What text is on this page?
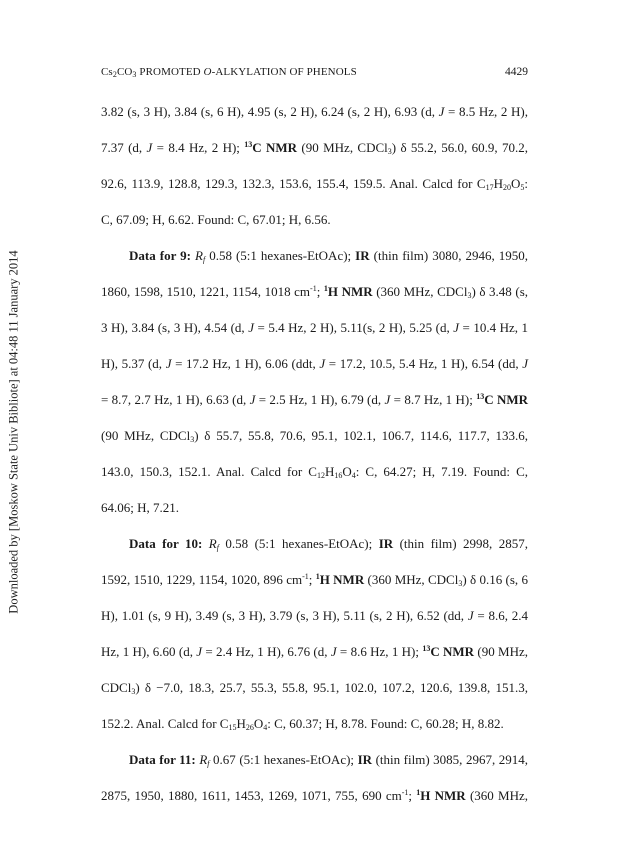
Downloaded by [Moskow State Univ Bibliote] at 04:48 11 January 2014
$Cs_2CO_3$ PROMOTED O-ALKYLATION OF PHENOLS	4429

3.82 (s, 3 H), 3.84 (s, 6 H), 4.95 (s, 2 H), 6.24 (s, 2 H), 6.93 (d, J = 8.5 Hz, 2 H),

7.37 (d, J = 8.4 Hz, 2 H); $^{13}$C NMR (90 MHz, CDCl$_3$) δ 55.2, 56.0, 60.9, 70.2,

92.6, 113.9, 128.8, 129.3, 132.3, 153.6, 155.4, 159.5. Anal. Calcd for $C_{17}H_{20}O_5$:

C, 67.09; H, 6.62. Found: C, 67.01; H, 6.56.

Data for 9: $R_f$ 0.58 (5:1 hexanes-EtOAc); IR (thin film) 3080, 2946, 1950,

1860, 1598, 1510, 1221, 1154, 1018 $cm^{-1}$; $^1$H NMR (360 MHz, CDCl$_3$) δ 3.48 (s,

3 H), 3.84 (s, 3 H), 4.54 (d, J = 5.4 Hz, 2 H), 5.11(s, 2 H), 5.25 (d, J = 10.4 Hz, 1

H), 5.37 (d, J = 17.2 Hz, 1 H), 6.06 (ddt, J = 17.2, 10.5, 5.4 Hz, 1 H), 6.54 (dd, J

= 8.7, 2.7 Hz, 1 H), 6.63 (d, J = 2.5 Hz, 1 H), 6.79 (d, J = 8.7 Hz, 1 H); $^{13}$C NMR

(90 MHz, CDCl$_3$) δ 55.7, 55.8, 70.6, 95.1, 102.1, 106.7, 114.6, 117.7, 133.6,

143.0, 150.3, 152.1. Anal. Calcd for $C_{12}H_{16}O_4$: C, 64.27; H, 7.19. Found: C,

64.06; H, 7.21.

Data for 10: $R_f$ 0.58 (5:1 hexanes-EtOAc); IR (thin film) 2998, 2857,

1592, 1510, 1229, 1154, 1020, 896 $cm^{-1}$; $^1$H NMR (360 MHz, CDCl$_3$) δ 0.16 (s, 6

H), 1.01 (s, 9 H), 3.49 (s, 3 H), 3.79 (s, 3 H), 5.11 (s, 2 H), 6.52 (dd, J = 8.6, 2.4

Hz, 1 H), 6.60 (d, J = 2.4 Hz, 1 H), 6.76 (d, J = 8.6 Hz, 1 H); $^{13}$C NMR (90 MHz,

CDCl$_3$) δ −7.0, 18.3, 25.7, 55.3, 55.8, 95.1, 102.0, 107.2, 120.6, 139.8, 151.3,

152.2. Anal. Calcd for $C_{15}H_{26}O_4$: C, 60.37; H, 8.78. Found: C, 60.28; H, 8.82.

Data for 11: $R_f$ 0.67 (5:1 hexanes-EtOAc); IR (thin film) 3085, 2967, 2914,

2875, 1950, 1880, 1611, 1453, 1269, 1071, 755, 690 $cm^{-1}$; $^1$H NMR (360 MHz,
